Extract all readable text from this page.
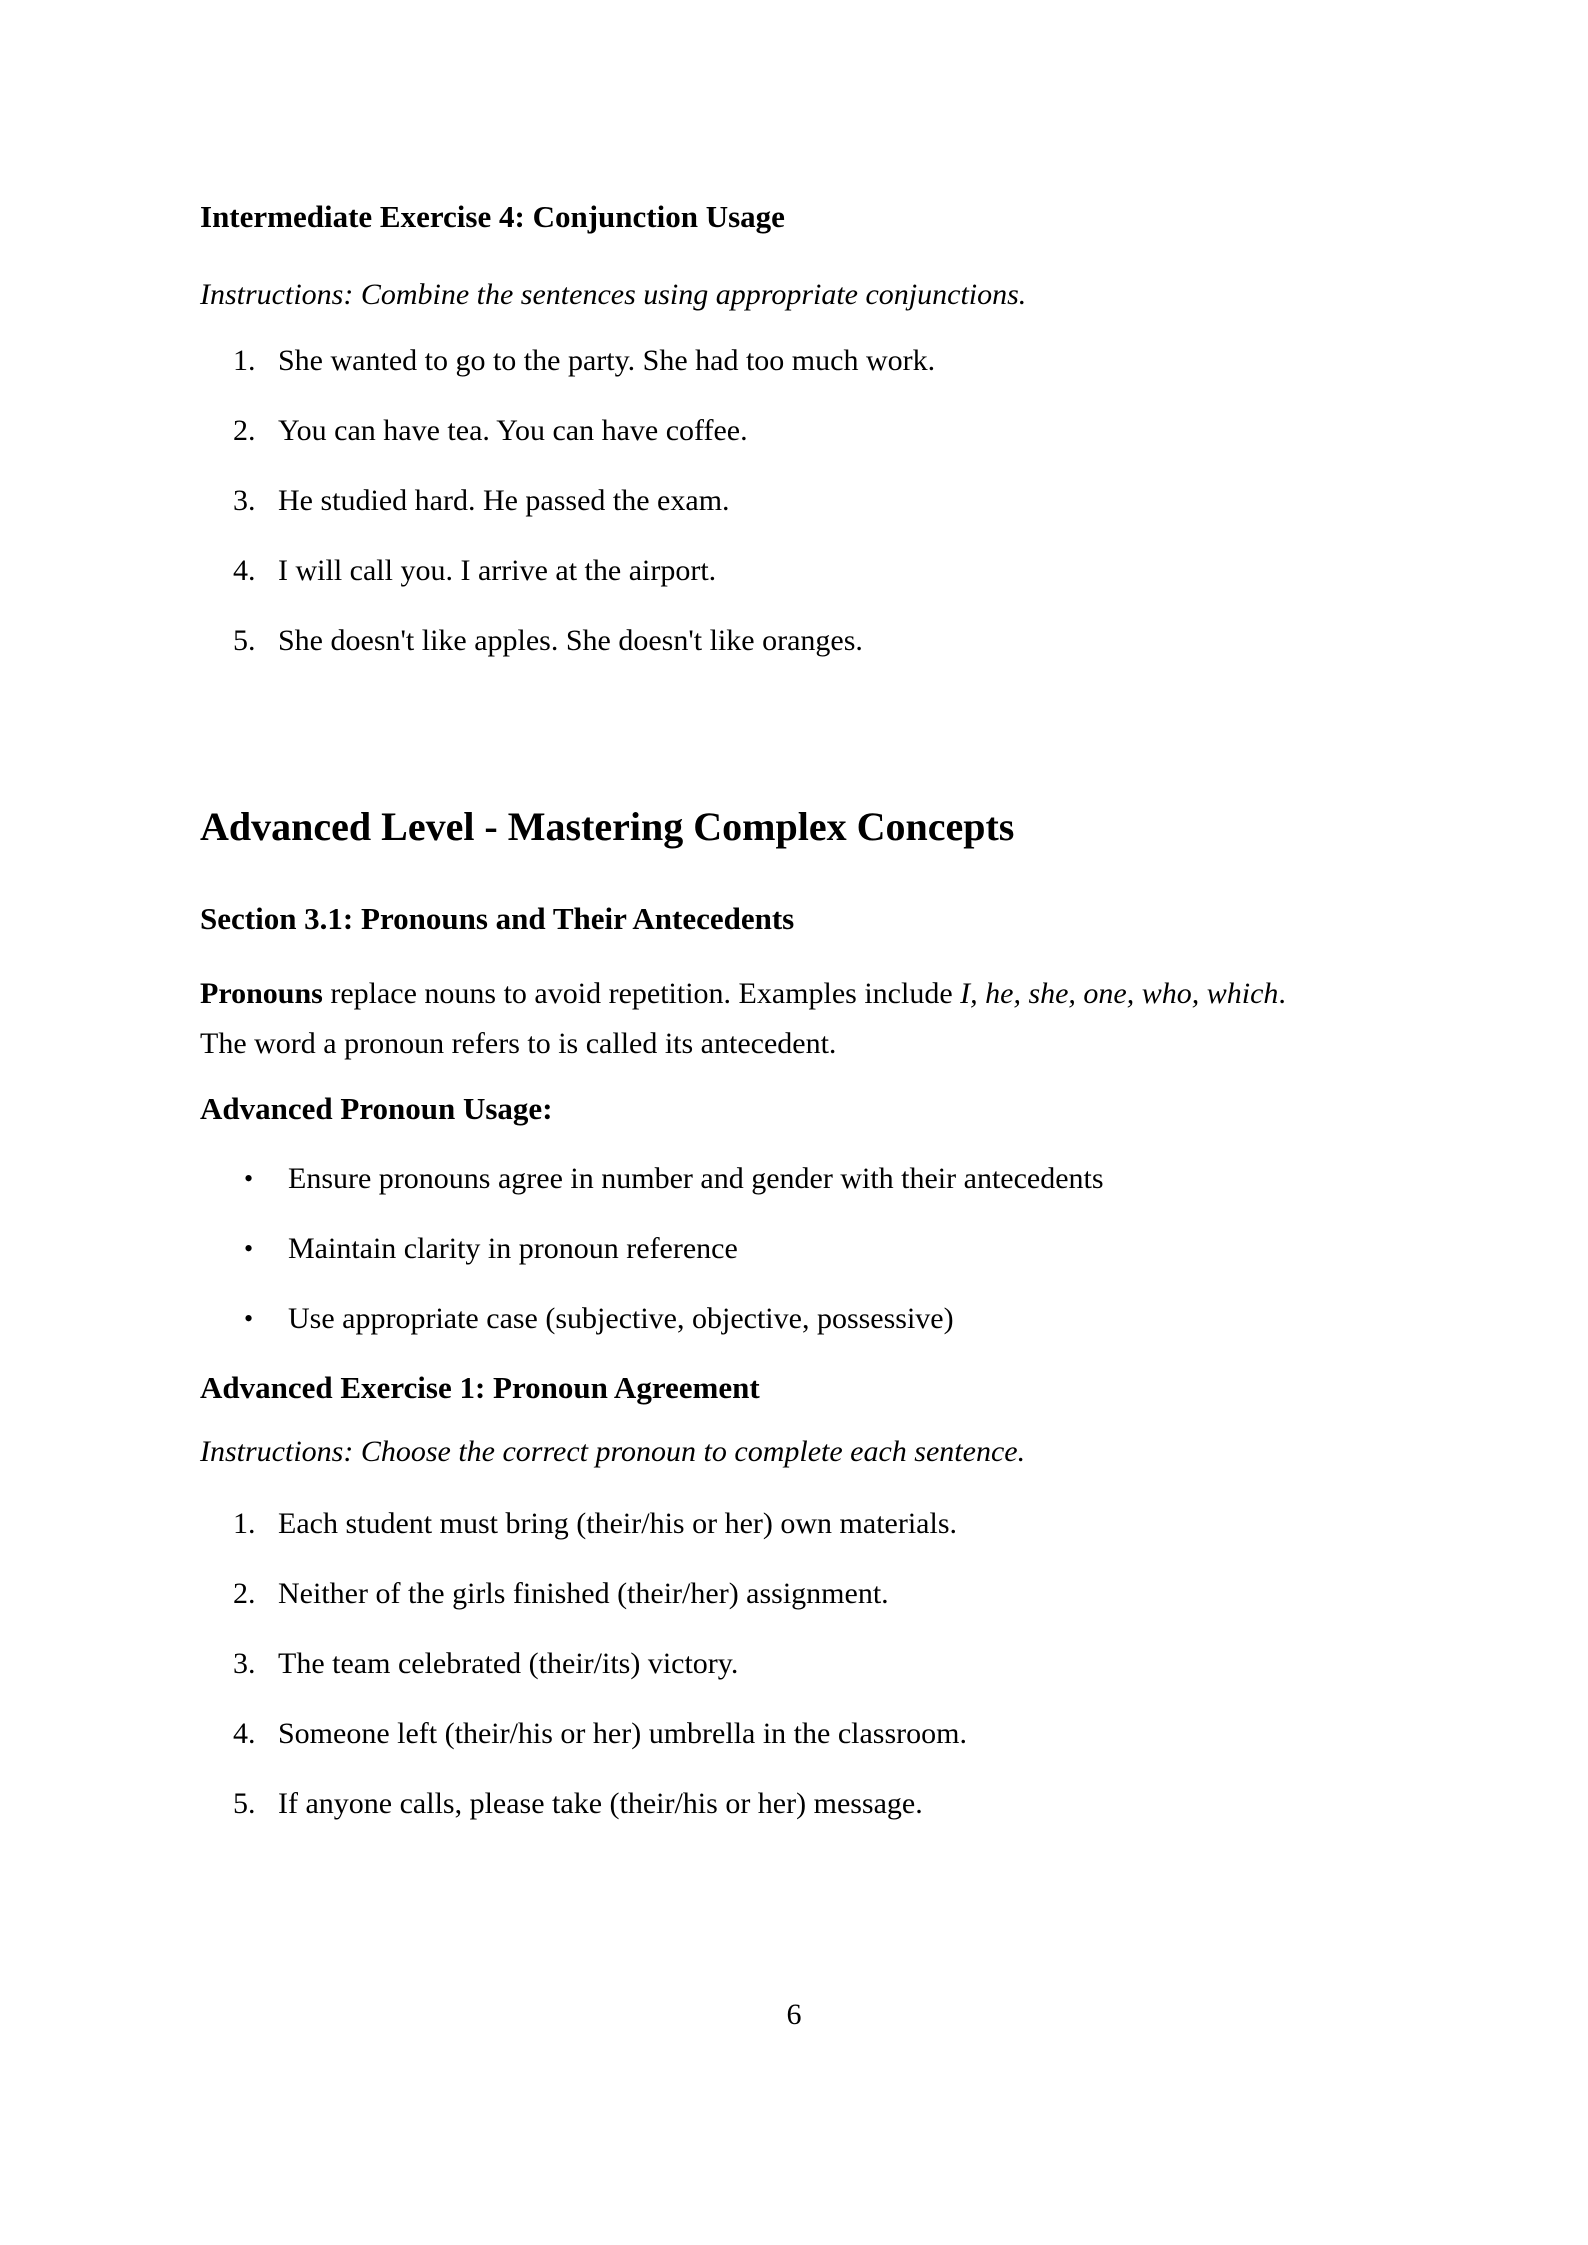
Intermediate Exercise 4: Conjunction Usage

Instructions: Combine the sentences using appropriate conjunctions.

1. She wanted to go to the party. She had too much work.
2. You can have tea. You can have coffee.
3. He studied hard. He passed the exam.
4. I will call you. I arrive at the airport.
5. She doesn't like apples. She doesn't like oranges.
Advanced Level - Mastering Complex Concepts
Section 3.1: Pronouns and Their Antecedents

Pronouns replace nouns to avoid repetition. Examples include I, he, she, one, who, which.
The word a pronoun refers to is called its antecedent.

Advanced Pronoun Usage:
• Ensure pronouns agree in number and gender with their antecedents
• Maintain clarity in pronoun reference
• Use appropriate case (subjective, objective, possessive)
Advanced Exercise 1: Pronoun Agreement

Instructions: Choose the correct pronoun to complete each sentence.

1. Each student must bring (their/his or her) own materials.
2. Neither of the girls finished (their/her) assignment.
3. The team celebrated (their/its) victory.
4. Someone left (their/his or her) umbrella in the classroom.
5. If anyone calls, please take (their/his or her) message.
6
